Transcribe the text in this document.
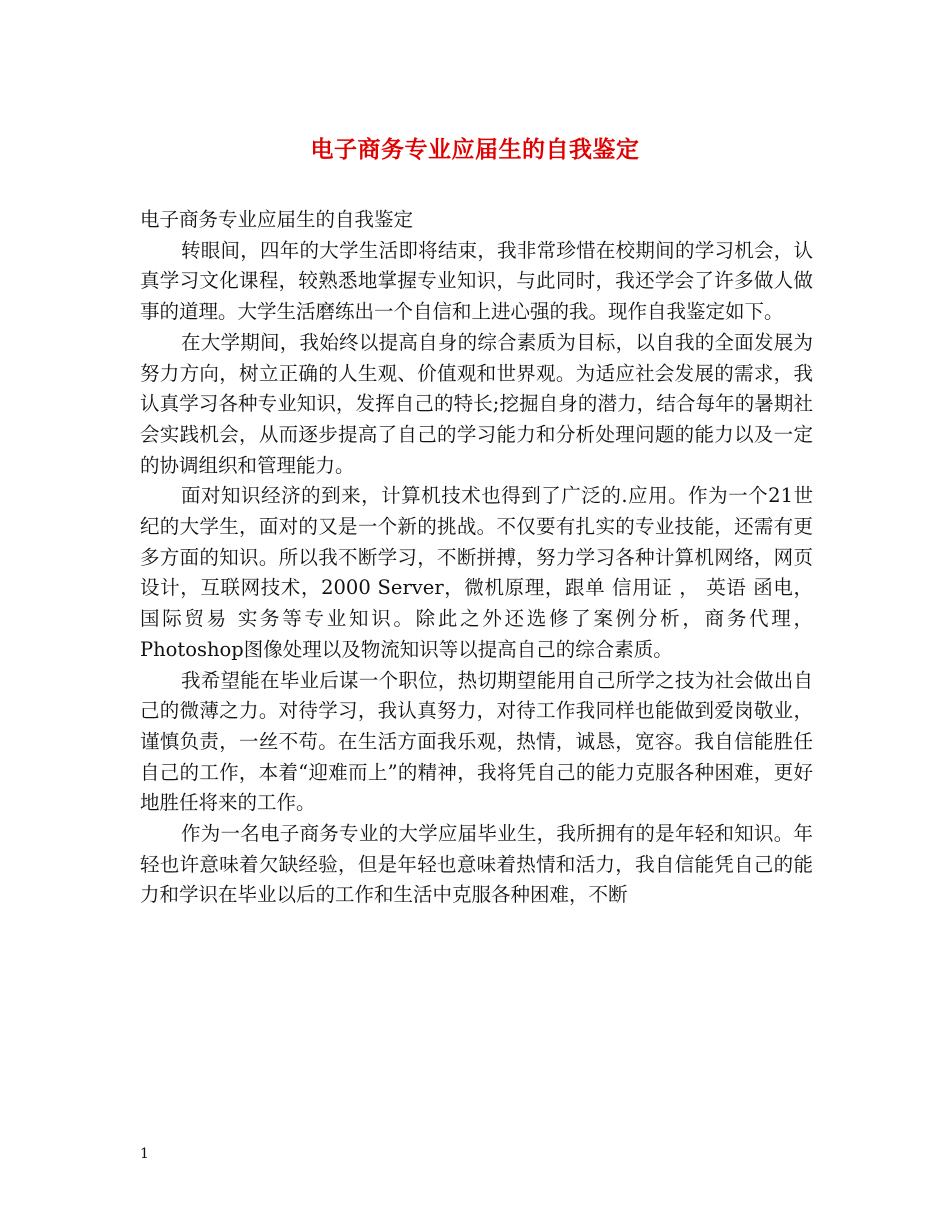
电子商务专业应届生的自我鉴定

电子商务专业应届生的自我鉴定

转眼间，四年的大学生活即将结束，我非常珍惜在校期间的学习机会，认真学习文化课程，较熟悉地掌握专业知识，与此同时，我还学会了许多做人做事的道理。大学生活磨练出一个自信和上进心强的我。现作自我鉴定如下。

在大学期间，我始终以提高自身的综合素质为目标，以自我的全面发展为努力方向，树立正确的人生观、价值观和世界观。为适应社会发展的需求，我认真学习各种专业知识，发挥自己的特长;挖掘自身的潜力，结合每年的暑期社会实践机会，从而逐步提高了自己的学习能力和分析处理问题的能力以及一定的协调组织和管理能力。

面对知识经济的到来，计算机技术也得到了广泛的.应用。作为一个21世纪的大学生，面对的又是一个新的挑战。不仅要有扎实的专业技能，还需有更多方面的知识。所以我不断学习，不断拼搏，努力学习各种计算机网络，网页设计，互联网技术，2000 Server，微机原理，跟单 信用证 ， 英语 函电， 国际贸易 实务等专业知识。除此之外还选修了案例分析，商务代理，Photoshop图像处理以及物流知识等以提高自己的综合素质。

我希望能在毕业后谋一个职位，热切期望能用自己所学之技为社会做出自己的微薄之力。对待学习，我认真努力，对待工作我同样也能做到爱岗敬业，谨慎负责，一丝不苟。在生活方面我乐观，热情，诚恳，宽容。我自信能胜任自己的工作，本着“迎难而上”的精神，我将凭自己的能力克服各种困难，更好地胜任将来的工作。

作为一名电子商务专业的大学应届毕业生，我所拥有的是年轻和知识。年轻也许意味着欠缺经验，但是年轻也意味着热情和活力，我自信能凭自己的能力和学识在毕业以后的工作和生活中克服各种困难，不断

1
